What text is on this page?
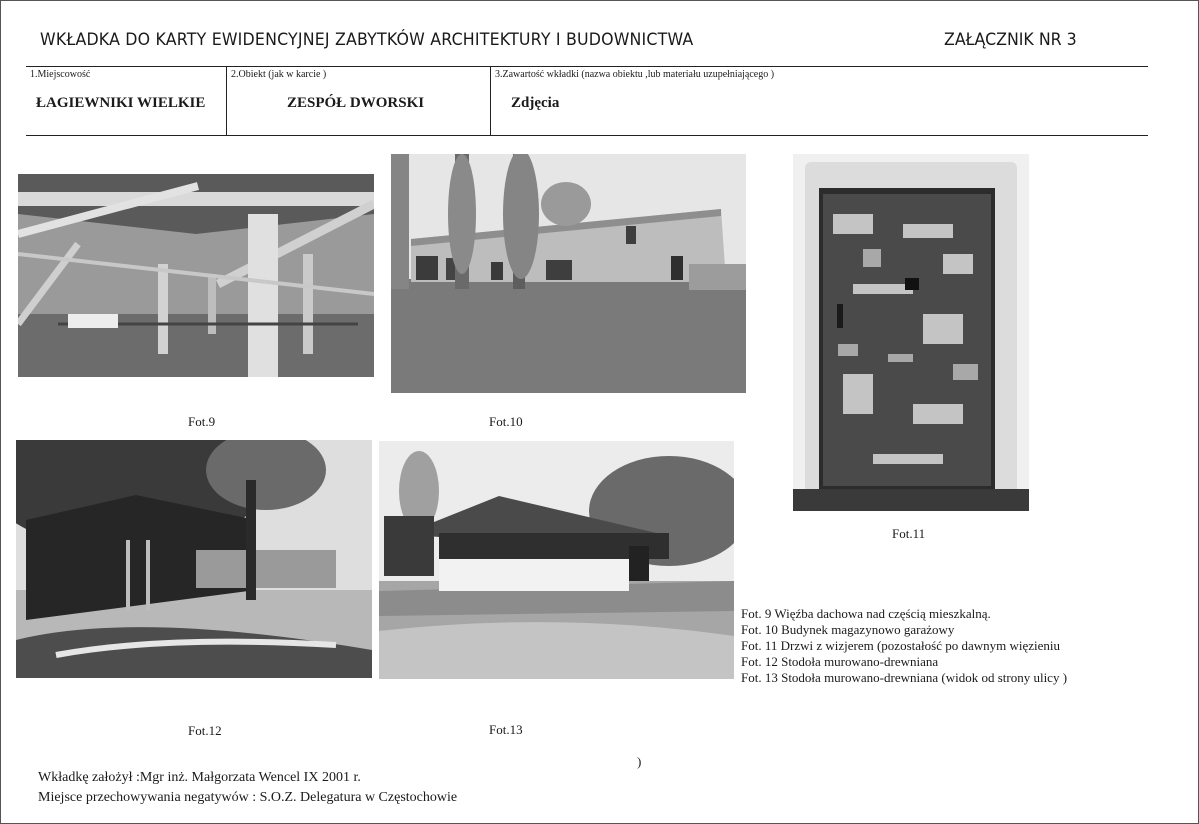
WKŁADKA DO KARTY EWIDENCYJNEJ ZABYTKÓW ARCHITEKTURY I BUDOWNICTWA	ZAŁĄCZNIK NR 3
1.Miejscowość
ŁAGIEWNIKI WIELKIE
2.Obiekt (jak w karcie )
ZESPÓŁ DWORSKI
3.Zawartość wkładki (nazwa obiektu ,lub materiału uzupełniającego )
Zdjęcia
Fot.9	Fot.10
Fot.11
Fot.12	Fot.13
Fot. 9 Więźba dachowa nad częścią mieszkalną.
Fot. 10 Budynek magazynowo garażowy
Fot. 11 Drzwi z wizjerem (pozostałość po dawnym więzieniu
Fot. 12 Stodoła murowano-drewniana
Fot. 13 Stodoła murowano-drewniana (widok od strony ulicy )
)
Wkładkę założył :Mgr inż. Małgorzata Wencel IX 2001 r.
Miejsce przechowywania negatywów : S.O.Z. Delegatura w Częstochowie
